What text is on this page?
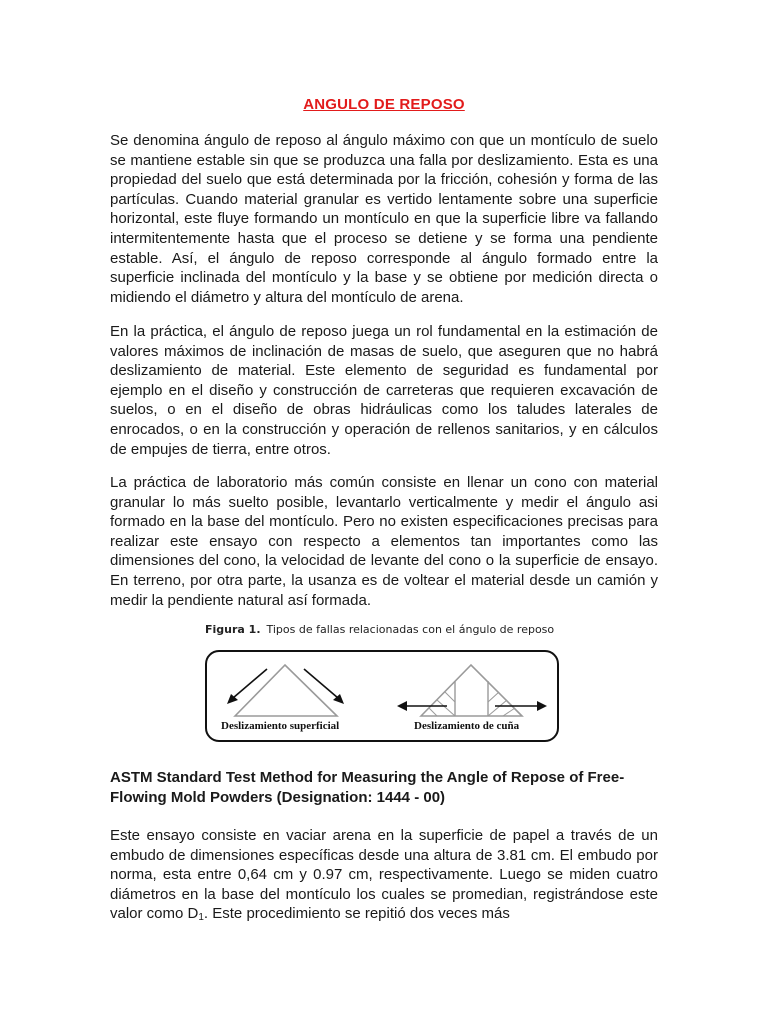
ANGULO DE REPOSO
Se denomina ángulo de reposo al ángulo máximo con que un montículo de suelo se mantiene estable sin que se produzca una falla por deslizamiento. Esta es una propiedad del suelo que está determinada por la fricción, cohesión y forma de las partículas. Cuando material granular es vertido lentamente sobre una superficie horizontal, este fluye formando un montículo en que la superficie libre va fallando intermitentemente hasta que el proceso se detiene y se forma una pendiente estable. Así, el ángulo de reposo corresponde al ángulo formado entre la superficie inclinada del montículo y la base y se obtiene por medición directa o midiendo el diámetro y altura del montículo de arena.
En la práctica, el ángulo de reposo juega un rol fundamental en la estimación de valores máximos de inclinación de masas de suelo, que aseguren que no habrá deslizamiento de material. Este elemento de seguridad es fundamental por ejemplo en el diseño y construcción de carreteras que requieren excavación de suelos, o en el diseño de obras hidráulicas como los taludes laterales de enrocados, o en la construcción y operación de rellenos sanitarios, y en cálculos de empujes de tierra, entre otros.
La práctica de laboratorio más común consiste en llenar un cono con material granular lo más suelto posible, levantarlo verticalmente y medir el ángulo asi formado en la base del montículo. Pero no existen especificaciones precisas para realizar este ensayo con respecto a elementos tan importantes como las dimensiones del cono, la velocidad de levante del cono o la superficie de ensayo. En terreno, por otra parte, la usanza es de voltear el material desde un camión y medir la pendiente natural así formada.
Figura 1. Tipos de fallas relacionadas con el ángulo de reposo
Deslizamiento superficial	Deslizamiento de cuña
ASTM Standard Test Method for Measuring the Angle of Repose of Free-Flowing Mold Powders (Designation: 1444 - 00)
Este ensayo consiste en vaciar arena en la superficie de papel a través de un embudo de dimensiones específicas desde una altura de 3.81 cm. El embudo por norma, esta entre 0,64 cm y 0.97 cm, respectivamente. Luego se miden cuatro diámetros en la base del montículo los cuales se promedian, registrándose este valor como $D_1$. Este procedimiento se repitió dos veces más
